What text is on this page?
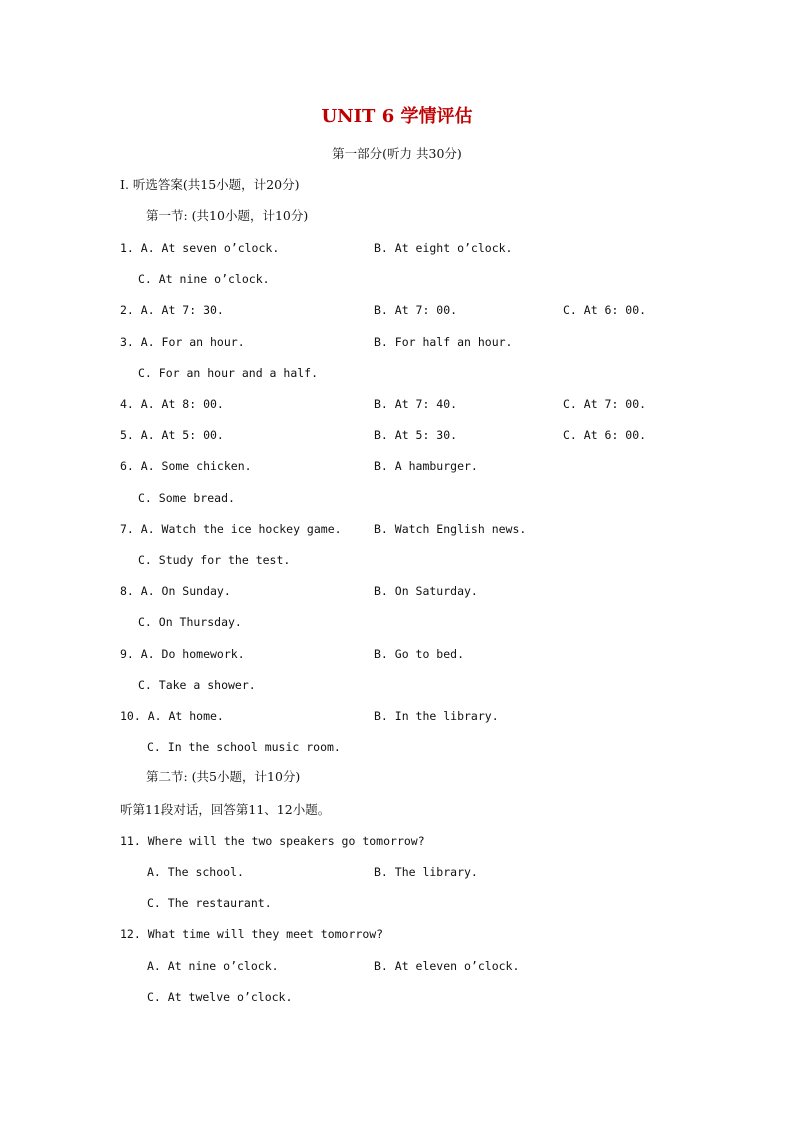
UNIT 6 学情评估
第一部分(听力 共30分)
Ⅰ. 听选答案(共15小题，计20分)
第一节: (共10小题，计10分)
1. A. At seven o’clock.	B. At eight o’clock.
C. At nine o’clock.
2. A. At 7: 30.	B. At 7: 00.	C. At 6: 00.
3. A. For an hour.	B. For half an hour.
C. For an hour and a half.
4. A. At 8: 00.	B. At 7: 40.	C. At 7: 00.
5. A. At 5: 00.	B. At 5: 30.	C. At 6: 00.
6. A. Some chicken.	B. A hamburger.
C. Some bread.
7. A. Watch the ice hockey game.	B. Watch English news.
C. Study for the test.
8. A. On Sunday.	B. On Saturday.
C. On Thursday.
9. A. Do homework.	B. Go to bed.
C. Take a shower.
10. A. At home.	B. In the library.
C. In the school music room.
第二节: (共5小题，计10分)
听第11段对话，回答第11、12小题。
11. Where will the two speakers go tomorrow?
A. The school.	B. The library.
C. The restaurant.
12. What time will they meet tomorrow?
A. At nine o’clock.	B. At eleven o’clock.
C. At twelve o’clock.
